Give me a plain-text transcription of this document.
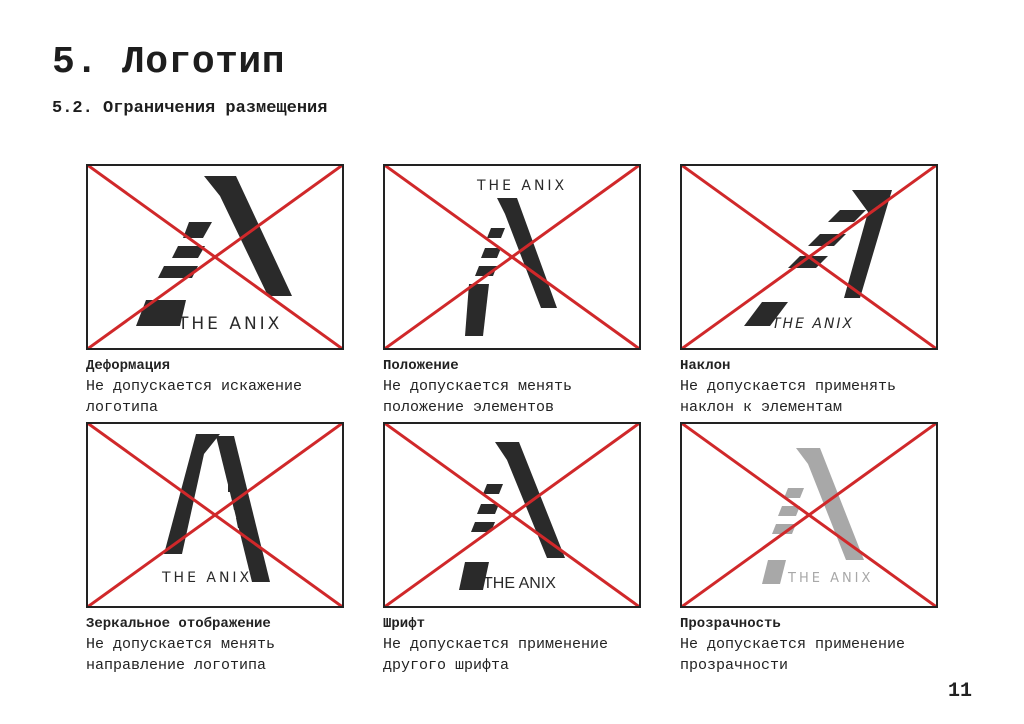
5. Логотип
5.2. Ограничения размещения
THE ANIX

Деформация

Не допускается искажение логотипа

THE ANIX

Положение

Не допускается менять положение элементов

THE ANIX

Наклон

Не допускается применять наклон к элементам

THE ANIX

Зеркальное отображение

Не допускается менять направление логотипа

THE ANIX

Шрифт

Не допускается применение другого шрифта

THE ANIX

Прозрачность

Не допускается применение прозрачности

11
